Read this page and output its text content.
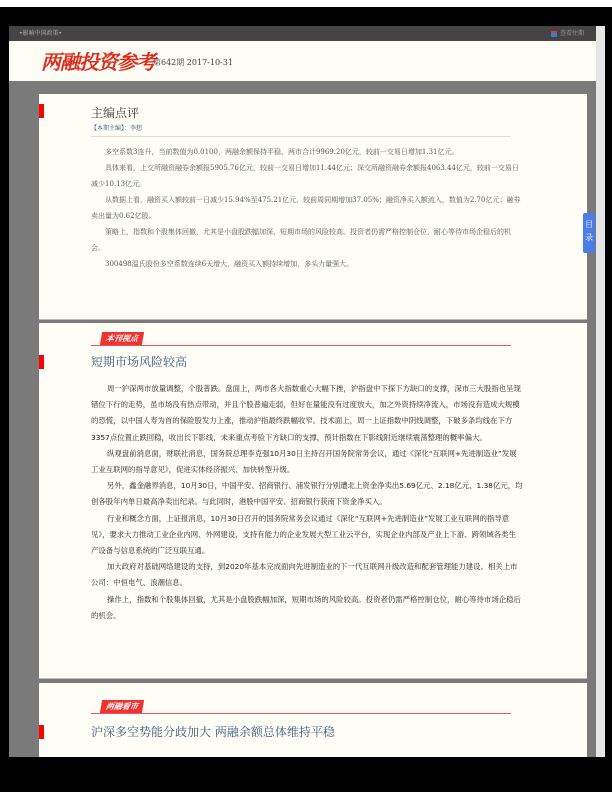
•影响中国政策•	查看往期
两融投资参考
第642期 2017-10-31
主编点评
【本期主编】：李想

多空系数3连升，当前数值为0.0100，两融余额保持平稳，两市合计9969.20亿元，较前一交易日增加1.31亿元。

具体来看，上交所融资融券余额报5905.76亿元，较前一交易日增加11.44亿元；深交所融资融券余额报4063.44亿元，较前一交易日减少10.13亿元。

从数据上看，融资买入额较前一日减少15.94%至475.21亿元，较前周同期增加37.05%；融资净买入额流入，数值为2.70亿元；融券卖出量为0.62亿股。

策略上，指数和个股集体回撤，尤其是小盘股跌幅加深，短期市场的风险较高。投资者仍需严格控制仓位，耐心等待市场企稳后的机会。

300498温氏股份多空系数连续6天增大，融资买入额持续增加，多头力量强大。

本刊视点
短期市场风险较高

周一沪深两市放量调整，个股普跌。盘面上，两市各大指数重心大幅下挫，沪指盘中下探下方缺口的支撑，深市三大股指也呈现错位下行的走势，虽市场没有热点带动，并且个股普遍走弱，但好在量能没有过度放大，加之外资持续净流入，市场没有造成大规模的恐慌，以中国人寿为首的保险股发力上涨，推动沪指最终跌幅收窄。技术面上，周一上证指数中阴线调整，下破多条均线在下方3357点位置止跌回稳，收出长下影线，未来重点考验下方缺口的支撑，预计指数在下影线附近继续震荡整理的概率偏大。

纵观盘前消息面，财联社消息，国务院总理李克强10月30日主持召开国务院常务会议，通过《深化“互联网+先进制造业”发展工业互联网的指导意见》，促进实体经济振兴、加快转型升级。

另外，鑫金融界消息，10月30日，中国平安、招商银行、浦发银行分别遭北上资金净卖出5.69亿元、2.18亿元、1.38亿元，均创各股年内单日最高净卖出纪录。与此同时，港股中国平安、招商银行获南下资金净买入。

行业和概念方面，上证报消息，10月30日召开的国务院常务会议通过《深化“互联网+先进制造业”发展工业互联网的指导意见》，要求大力推动工业企业内网、外网建设，支持有能力的企业发展大型工业云平台，实现企业内部及产业上下游、跨领域各类生产设备与信息系统的广泛互联互通。

加大政府对基础网络建设的支持，到2020年基本完成面向先进制造业的下一代互联网升级改造和配套管理能力建设。相关上市公司：中恒电气、浪潮信息。

操作上，指数和个股集体回撤，尤其是小盘股跌幅加深，短期市场的风险较高。投资者仍需严格控制仓位，耐心等待市场企稳后的机会。

两融看市
沪深多空势能分歧加大 两融余额总体维持平稳
目
录
